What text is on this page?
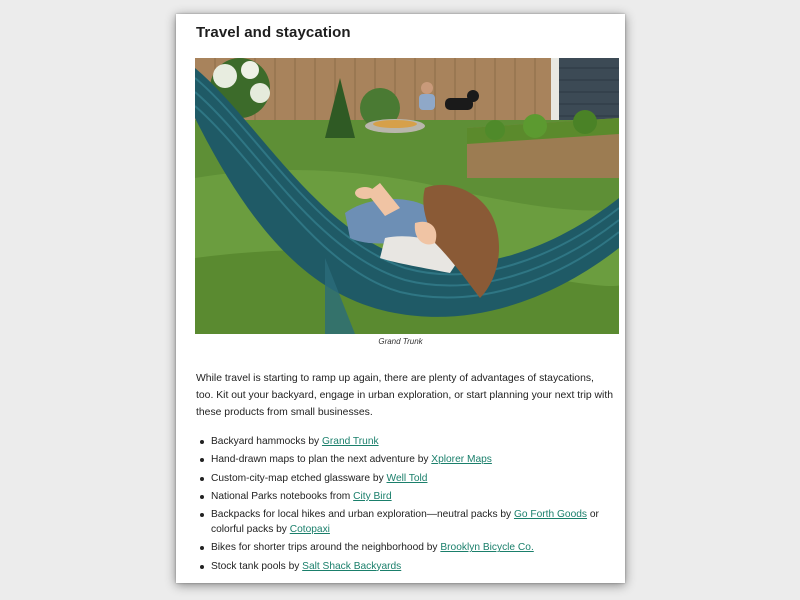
Travel and staycation
Grand Trunk

While travel is starting to ramp up again, there are plenty of advantages of staycations, too. Kit out your backyard, engage in urban exploration, or start planning your next trip with these products from small businesses.

Backyard hammocks by Grand Trunk
Hand-drawn maps to plan the next adventure by Xplorer Maps
Custom-city-map etched glassware by Well Told
National Parks notebooks from City Bird
Backpacks for local hikes and urban exploration—neutral packs by Go Forth Goods or colorful packs by Cotopaxi
Bikes for shorter trips around the neighborhood by Brooklyn Bicycle Co.
Stock tank pools by Salt Shack Backyards
